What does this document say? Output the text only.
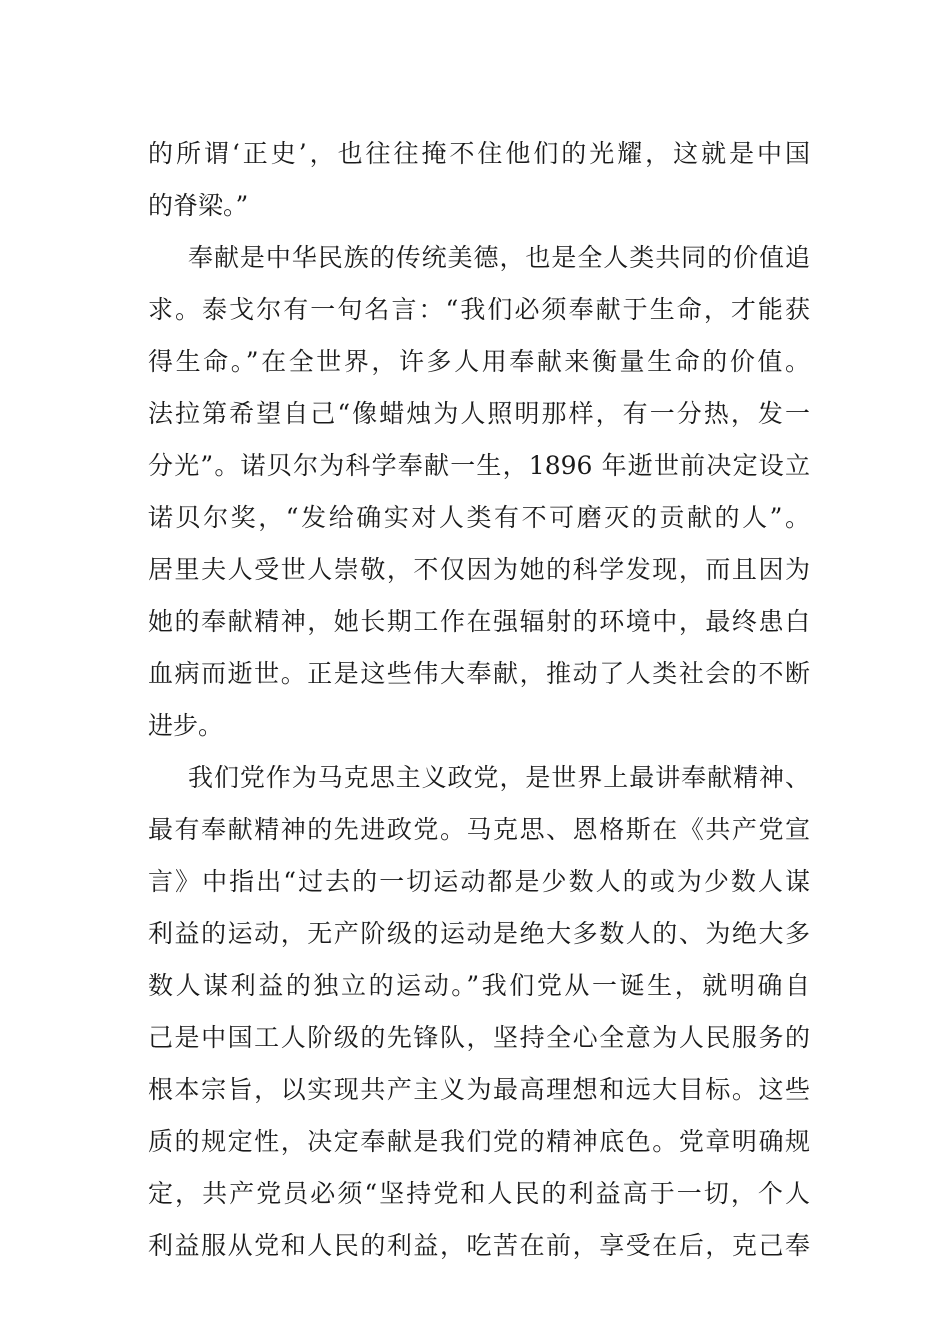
的所谓‘正史’，也往往掩不住他们的光耀，这就是中国
的脊梁。”
奉献是中华民族的传统美德，也是全人类共同的价值追
求。泰戈尔有一句名言：“我们必须奉献于生命，才能获
得生命。”在全世界，许多人用奉献来衡量生命的价值。
法拉第希望自己“像蜡烛为人照明那样，有一分热，发一
分光”。诺贝尔为科学奉献一生，1896 年逝世前决定设立
诺贝尔奖，“发给确实对人类有不可磨灭的贡献的人”。
居里夫人受世人崇敬，不仅因为她的科学发现，而且因为
她的奉献精神，她长期工作在强辐射的环境中，最终患白
血病而逝世。正是这些伟大奉献，推动了人类社会的不断
进步。
我们党作为马克思主义政党，是世界上最讲奉献精神、
最有奉献精神的先进政党。马克思、恩格斯在《共产党宣
言》中指出“过去的一切运动都是少数人的或为少数人谋
利益的运动，无产阶级的运动是绝大多数人的、为绝大多
数人谋利益的独立的运动。”我们党从一诞生，就明确自
己是中国工人阶级的先锋队，坚持全心全意为人民服务的
根本宗旨，以实现共产主义为最高理想和远大目标。这些
质的规定性，决定奉献是我们党的精神底色。党章明确规
定，共产党员必须“坚持党和人民的利益高于一切，个人
利益服从党和人民的利益，吃苦在前，享受在后，克己奉
